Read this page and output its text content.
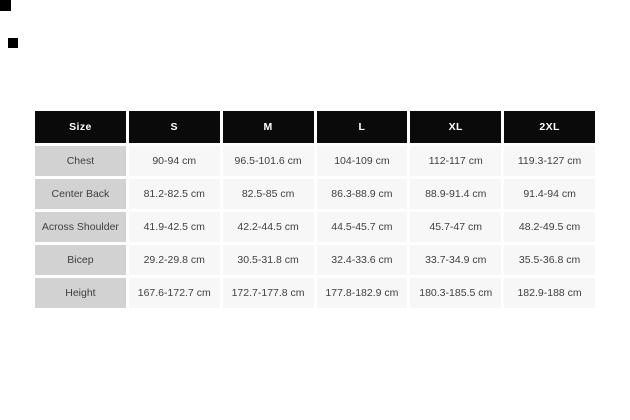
Size	S	M	L	XL	2XL
Chest	90-94 cm	96.5-101.6 cm	104-109 cm	112-117 cm	119.3-127 cm
Center Back	81.2-82.5 cm	82.5-85 cm	86.3-88.9 cm	88.9-91.4 cm	91.4-94 cm
Across Shoulder	41.9-42.5 cm	42.2-44.5 cm	44.5-45.7 cm	45.7-47 cm	48.2-49.5 cm
Bicep	29.2-29.8 cm	30.5-31.8 cm	32.4-33.6 cm	33.7-34.9 cm	35.5-36.8 cm
Height	167.6-172.7 cm	172.7-177.8 cm	177.8-182.9 cm	180.3-185.5 cm	182.9-188 cm
